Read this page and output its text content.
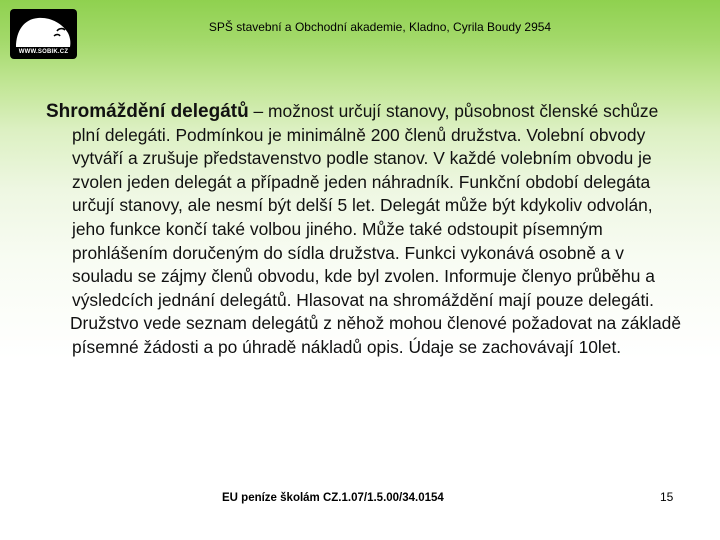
WWW.SOBIK.CZ
SPŠ stavební a Obchodní akademie, Kladno, Cyrila Boudy 2954

Shromáždění delegátů – možnost určují stanovy, působnost členské schůze plní delegáti. Podmínkou je minimálně 200 členů družstva. Volební obvody vytváří a zrušuje představenstvo podle stanov. V každé volebním obvodu je zvolen jeden delegát a případně jeden náhradník. Funkční období delegáta určují stanovy, ale nesmí být delší 5 let. Delegát může být kdykoliv odvolán, jeho funkce končí také volbou jiného. Může také odstoupit písemným prohlášením doručeným do sídla družstva. Funkci vykonává osobně a v souladu se zájmy členů obvodu, kde byl zvolen. Informuje členyo průběhu a výsledcích jednání delegátů. Hlasovat na shromáždění mají pouze delegáti.

Družstvo vede seznam delegátů z něhož mohou členové požadovat na základě písemné žádosti a po úhradě nákladů opis. Údaje se zachovávají 10let.

EU peníze školám CZ.1.07/1.5.00/34.0154	15
